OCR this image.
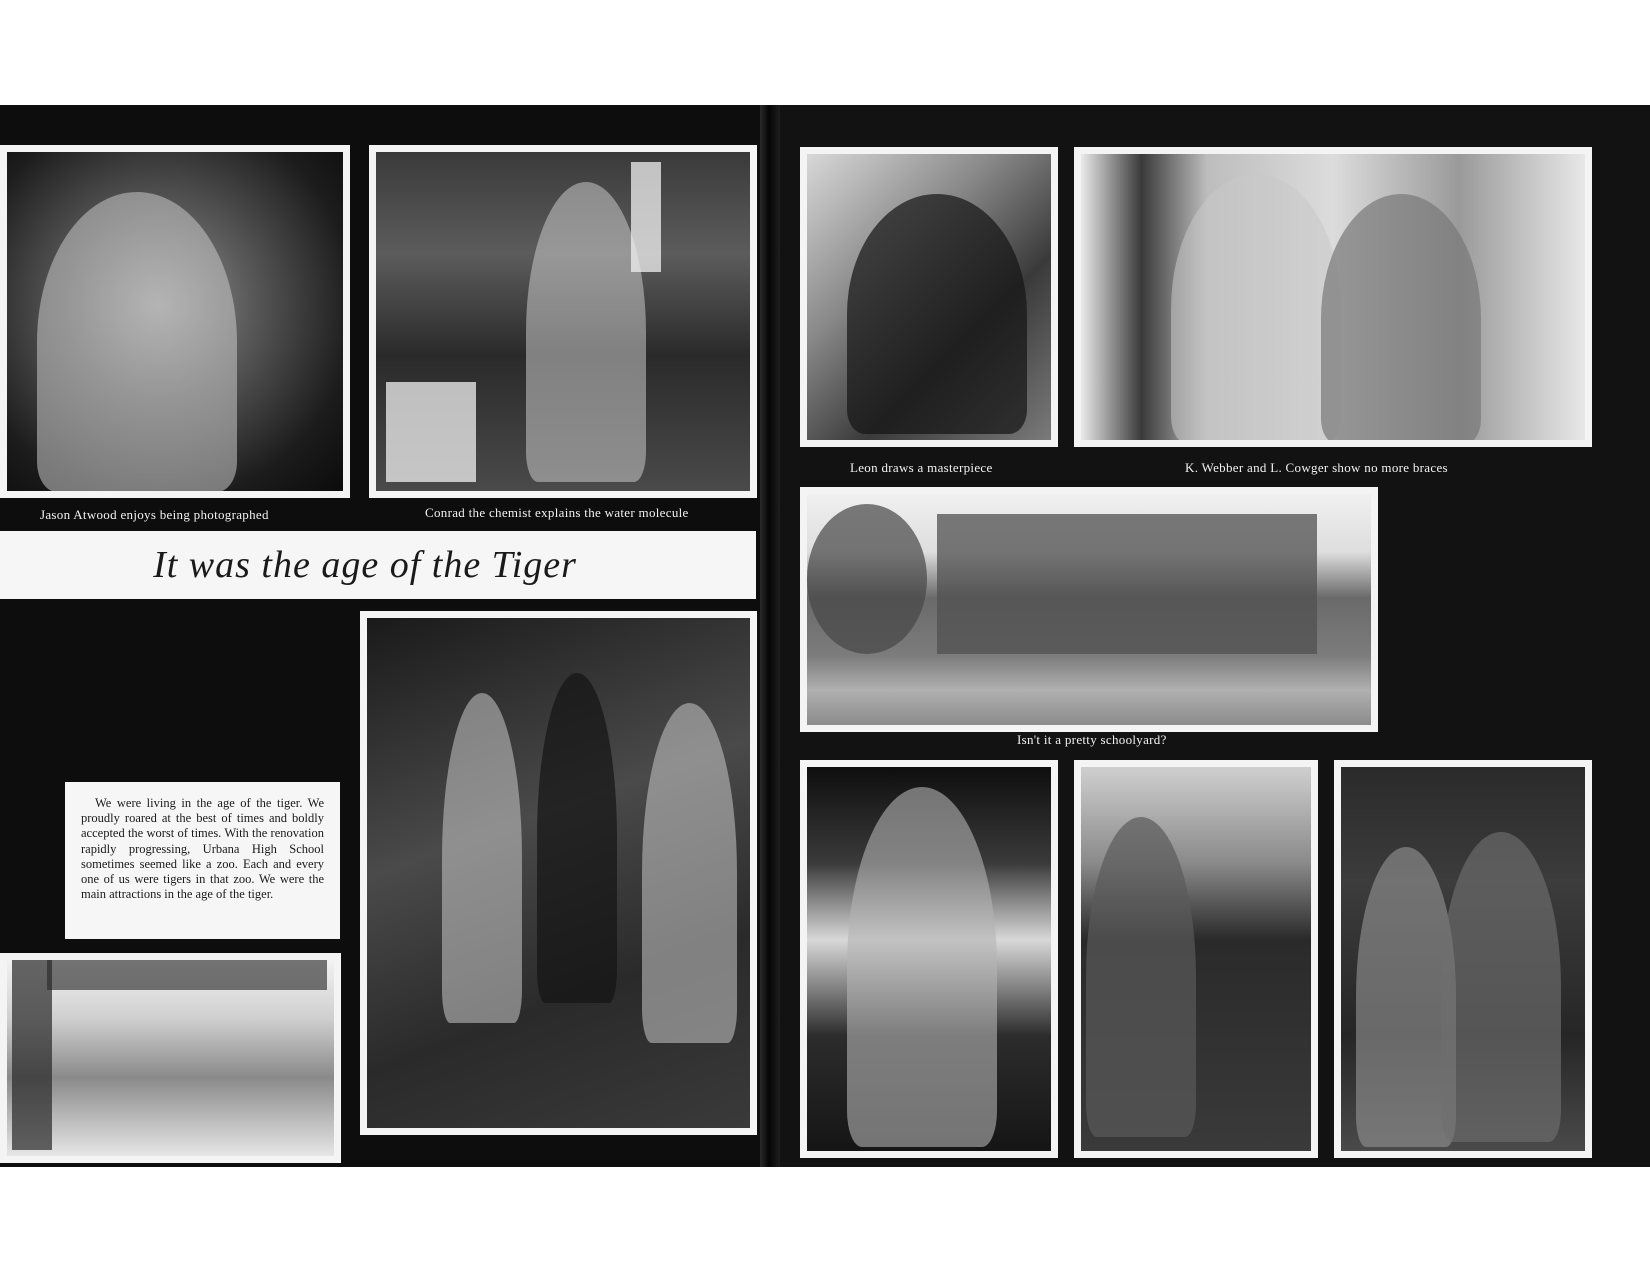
Jason Atwood enjoys being photographed	Conrad the chemist explains the water molecule
It was the age of the Tiger

We were living in the age of the tiger. We proudly roared at the best of times and boldly accepted the worst of times. With the renovation rapidly progressing, Urbana High School sometimes seemed like a zoo. Each and every one of us were tigers in that zoo. We were the main attractions in the age of the tiger.

Leon draws a masterpiece	K. Webber and L. Cowger show no more braces
Isn't it a pretty schoolyard?
